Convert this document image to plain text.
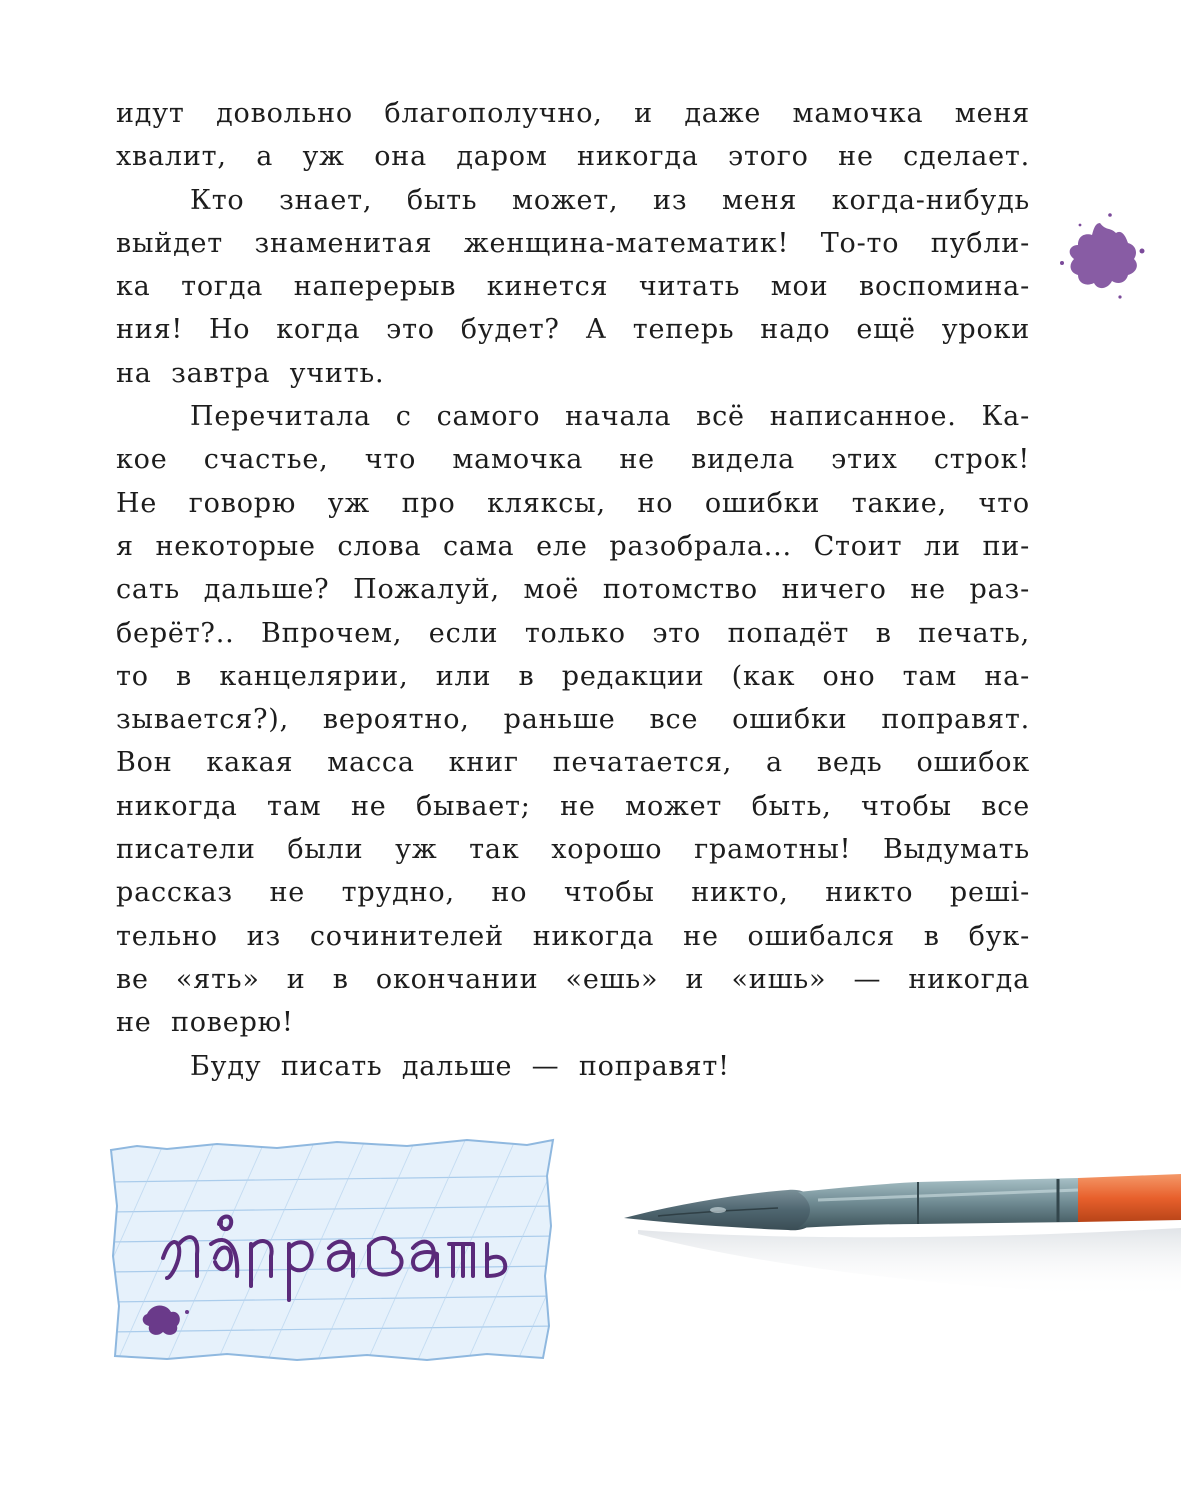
идут довольно благополучно, и даже мамочка меня
хвалит, а уж она даром никогда этого не сделает.
Кто знает, быть может, из меня когда-нибудь
выйдет знаменитая женщина-математик! То-то публи-
ка тогда наперерыв кинется читать мои воспомина-
ния! Но когда это будет? А теперь надо ещё уроки
на завтра учить.
Перечитала с самого начала всё написанное. Ка-
кое счастье, что мамочка не видела этих строк!
Не говорю уж про кляксы, но ошибки такие, что
я некоторые слова сама еле разобрала... Стоит ли пи-
сать дальше? Пожалуй, моё потомство ничего не раз-
берёт?.. Впрочем, если только это попадёт в печать,
то в канцелярии, или в редакции (как оно там на-
зывается?), вероятно, раньше все ошибки поправят.
Вон какая масса книг печатается, а ведь ошибок
никогда там не бывает; не может быть, чтобы все
писатели были уж так хорошо грамотны! Выдумать
рассказ не трудно, но чтобы никто, никто решi-
тельно из сочинителей никогда не ошибался в бук-
ве «ять» и в окончании «ешь» и «ишь» — никогда
не поверю!
Буду писать дальше — поправят!
